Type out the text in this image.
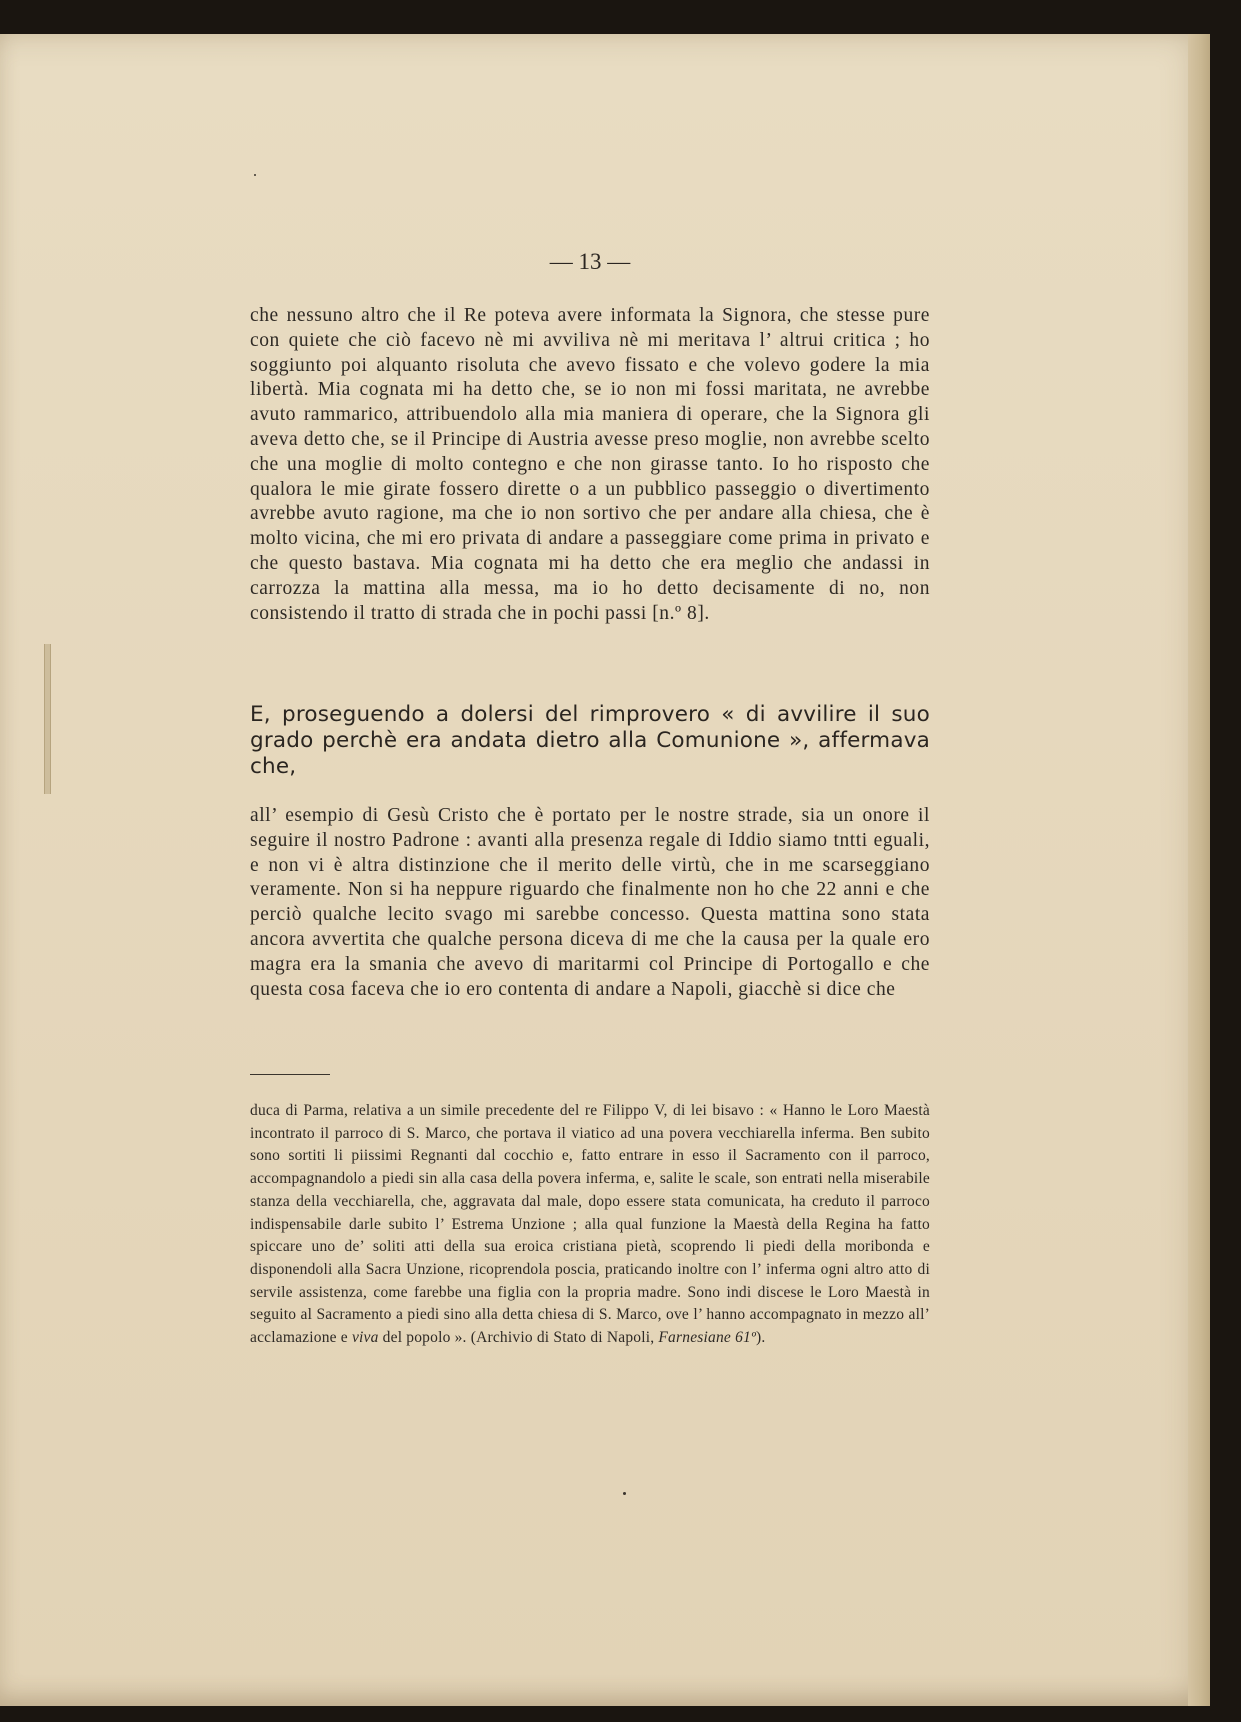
— 13 —

che nessuno altro che il Re poteva avere informata la Signora, che stesse pure con quiete che ciò facevo nè mi avviliva nè mi meritava l’ altrui critica ; ho soggiunto poi alquanto risoluta che avevo fissato e che volevo godere la mia libertà. Mia cognata mi ha detto che, se io non mi fossi maritata, ne avrebbe avuto rammarico, attribuendolo alla mia maniera di operare, che la Signora gli aveva detto che, se il Principe di Austria avesse preso moglie, non avrebbe scelto che una moglie di molto contegno e che non girasse tanto. Io ho risposto che qualora le mie girate fossero dirette o a un pubblico passeggio o divertimento avrebbe avuto ragione, ma che io non sortivo che per andare alla chiesa, che è molto vicina, che mi ero privata di andare a passeggiare come prima in privato e che questo bastava. Mia cognata mi ha detto che era meglio che andassi in carrozza la mattina alla messa, ma io ho detto decisamente di no, non consistendo il tratto di strada che in pochi passi [n.º 8].

E, proseguendo a dolersi del rimprovero « di avvilire il suo grado perchè era andata dietro alla Comunione », affermava che,

all’ esempio di Gesù Cristo che è portato per le nostre strade, sia un onore il seguire il nostro Padrone : avanti alla presenza regale di Iddio siamo tntti eguali, e non vi è altra distinzione che il merito delle virtù, che in me scarseggiano veramente. Non si ha neppure riguardo che finalmente non ho che 22 anni e che perciò qualche lecito svago mi sarebbe concesso. Questa mattina sono stata ancora avvertita che qualche persona diceva di me che la causa per la quale ero magra era la smania che avevo di maritarmi col Principe di Portogallo e che questa cosa faceva che io ero contenta di andare a Napoli, giacchè si dice che

duca di Parma, relativa a un simile precedente del re Filippo V, di lei bisavo : « Hanno le Loro Maestà incontrato il parroco di S. Marco, che portava il viatico ad una povera vecchiarella inferma. Ben subito sono sortiti li piissimi Regnanti dal cocchio e, fatto entrare in esso il Sacramento con il parroco, accompagnandolo a piedi sin alla casa della povera inferma, e, salite le scale, son entrati nella miserabile stanza della vecchiarella, che, aggravata dal male, dopo essere stata comunicata, ha creduto il parroco indispensabile darle subito l’ Estrema Unzione ; alla qual funzione la Maestà della Regina ha fatto spiccare uno de’ soliti atti della sua eroica cristiana pietà, scoprendo li piedi della moribonda e disponendoli alla Sacra Unzione, ricoprendola poscia, praticando inoltre con l’ inferma ogni altro atto di servile assistenza, come farebbe una figlia con la propria madre. Sono indi discese le Loro Maestà in seguito al Sacramento a piedi sino alla detta chiesa di S. Marco, ove l’ hanno accompagnato in mezzo all’ acclamazione e viva del popolo ». (Archivio di Stato di Napoli, Farnesiane 61º).
